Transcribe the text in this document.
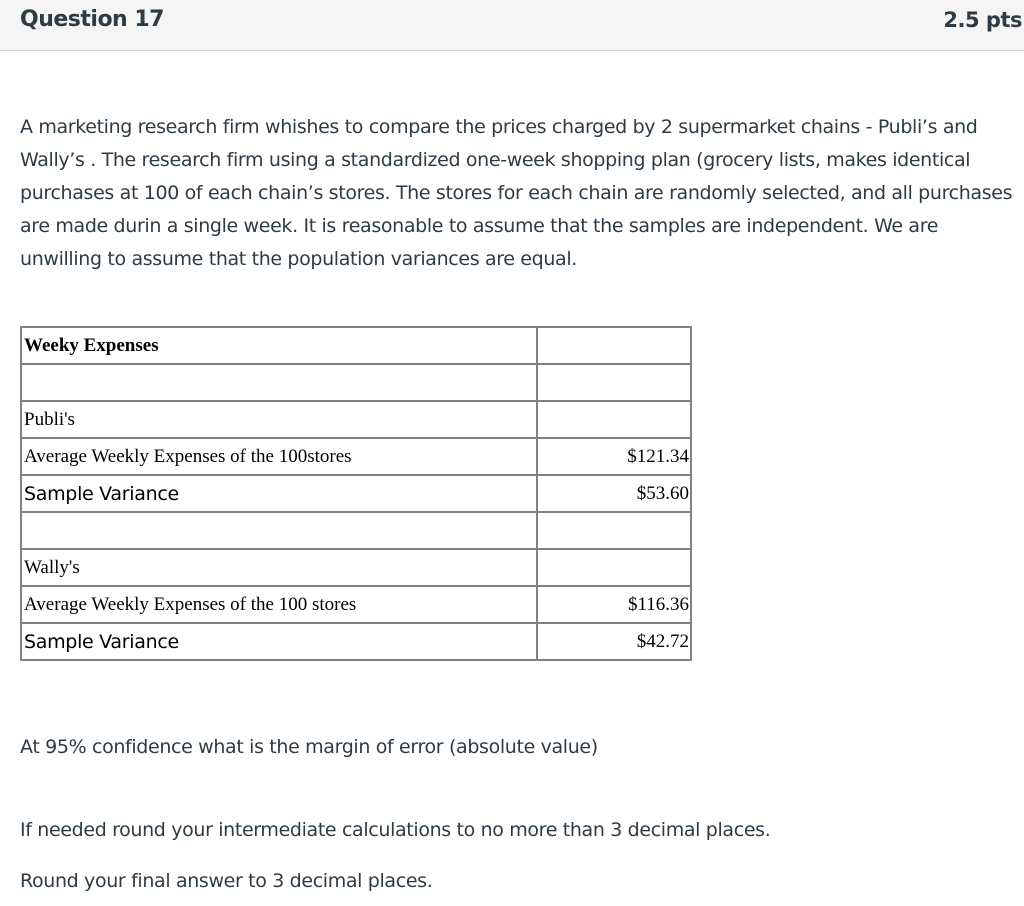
Question 17	2.5 pts

A marketing research firm whishes to compare the prices charged by 2 supermarket chains - Publi’s and Wally’s . The research firm using a standardized one-week shopping plan (grocery lists, makes identical purchases at 100 of each chain’s stores. The stores for each chain are randomly selected, and all purchases are made durin a single week. It is reasonable to assume that the samples are independent. We are unwilling to assume that the population variances are equal.

Weeky Expenses	

Publi's	
Average Weekly Expenses of the 100stores	$121.34
Sample Variance	$53.60

Wally's	
Average Weekly Expenses of the 100 stores	$116.36
Sample Variance	$42.72

At 95% confidence what is the margin of error (absolute value)

If needed round your intermediate calculations to no more than 3 decimal places.

Round your final answer to 3 decimal places.
